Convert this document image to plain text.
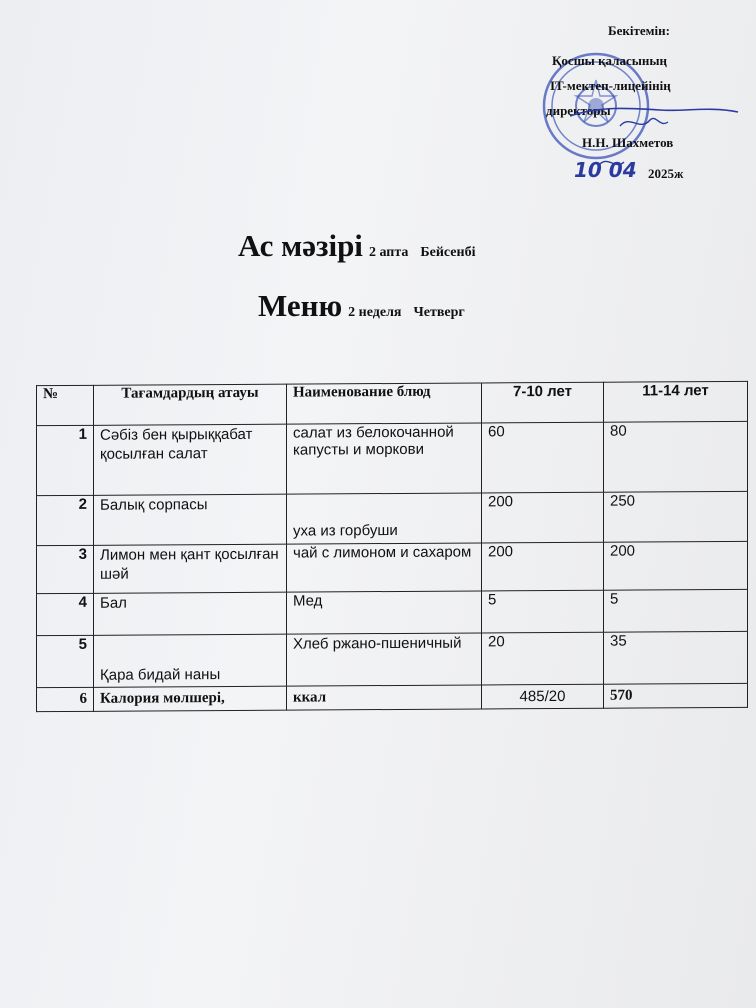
Бекітемін:
Қосшы қаласының
IT-мектеп-лицейінің
директоры
Н.Н. Шахметов
10 04 2025ж
Ас мәзірі 2 апта Бейсенбі
Меню 2 неделя Четверг
№	Тағамдардың атауы	Наименование блюд	7-10 лет	11-14 лет
1	Сәбіз бен қырыққабат қосылған салат	салат из белокочанной капусты и моркови	60	80
2	Балық сорпасы	уха из горбуши	200	250
3	Лимон мен қант қосылған шәй	чай с лимоном и сахаром	200	200
4	Бал	Мед	5	5
5	Қара бидай наны	Хлеб ржано-пшеничный	20	35
6	Калория мөлшері,	ккал	485/20	570
